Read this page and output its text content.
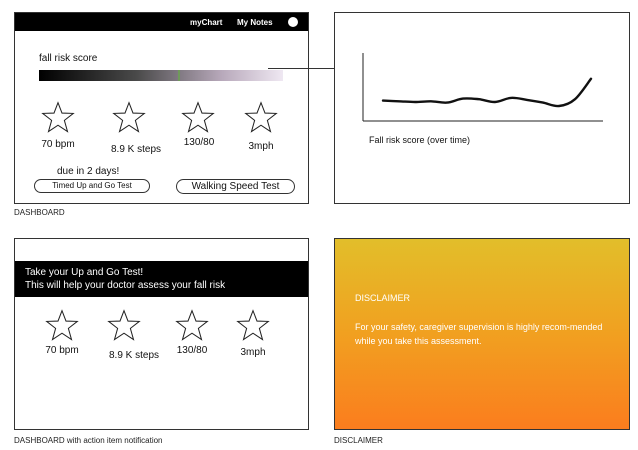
myChart My Notes
fall risk score
70 bpm	8.9 K steps
130/80	3mph
due in 2 days!
Timed Up and Go Test	Walking Speed Test
DASHBOARD
Fall risk score (over time)
Take your Up and Go Test!
This will help your doctor assess your fall risk
70 bpm	8.9 K steps	130/80	3mph
DASHBOARD with action item notification
DISCLAIMER
For your safety, caregiver supervision is highly recom-mended while you take this assessment.
DISCLAIMER
